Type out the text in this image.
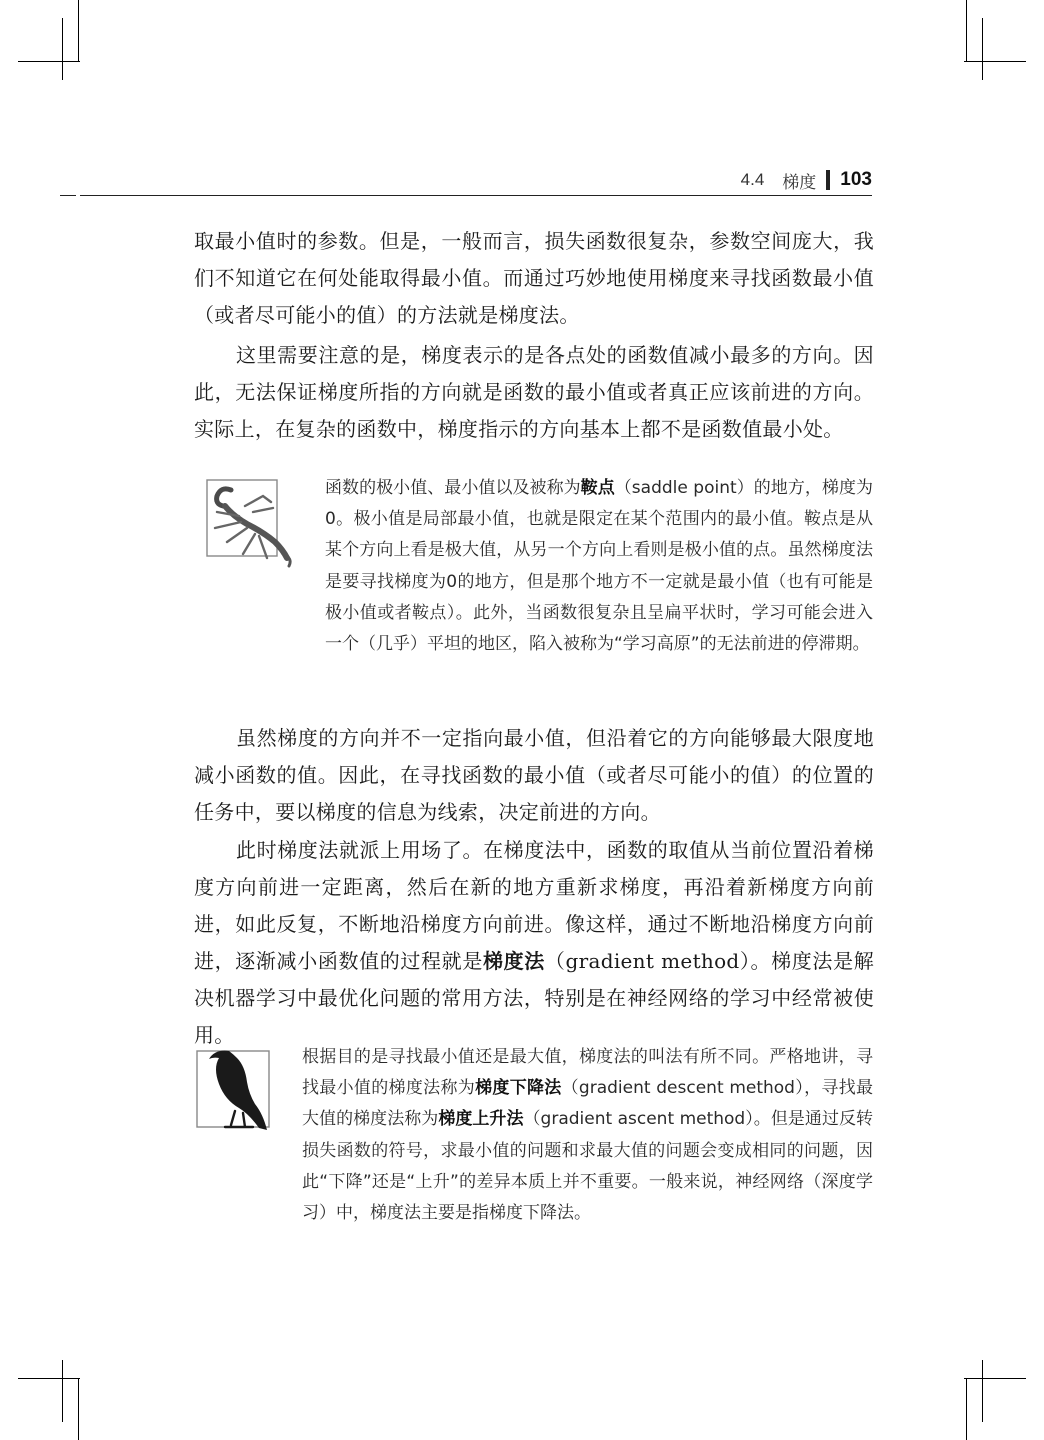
4.4 梯度 103

取最小值时的参数。但是，一般而言，损失函数很复杂，参数空间庞大，我们不知道它在何处能取得最小值。而通过巧妙地使用梯度来寻找函数最小值（或者尽可能小的值）的方法就是梯度法。

这里需要注意的是，梯度表示的是各点处的函数值减小最多的方向。因此，无法保证梯度所指的方向就是函数的最小值或者真正应该前进的方向。实际上，在复杂的函数中，梯度指示的方向基本上都不是函数值最小处。

函数的极小值、最小值以及被称为鞍点（saddle point）的地方，梯度为0。极小值是局部最小值，也就是限定在某个范围内的最小值。鞍点是从某个方向上看是极大值，从另一个方向上看则是极小值的点。虽然梯度法是要寻找梯度为0的地方，但是那个地方不一定就是最小值（也有可能是极小值或者鞍点）。此外，当函数很复杂且呈扁平状时，学习可能会进入一个（几乎）平坦的地区，陷入被称为“学习高原”的无法前进的停滞期。

虽然梯度的方向并不一定指向最小值，但沿着它的方向能够最大限度地减小函数的值。因此，在寻找函数的最小值（或者尽可能小的值）的位置的任务中，要以梯度的信息为线索，决定前进的方向。

此时梯度法就派上用场了。在梯度法中，函数的取值从当前位置沿着梯度方向前进一定距离，然后在新的地方重新求梯度，再沿着新梯度方向前进，如此反复，不断地沿梯度方向前进。像这样，通过不断地沿梯度方向前进，逐渐减小函数值的过程就是梯度法（gradient method）。梯度法是解决机器学习中最优化问题的常用方法，特别是在神经网络的学习中经常被使用。

根据目的是寻找最小值还是最大值，梯度法的叫法有所不同。严格地讲，寻找最小值的梯度法称为梯度下降法（gradient descent method），寻找最大值的梯度法称为梯度上升法（gradient ascent method）。但是通过反转损失函数的符号，求最小值的问题和求最大值的问题会变成相同的问题，因此“下降”还是“上升”的差异本质上并不重要。一般来说，神经网络（深度学习）中，梯度法主要是指梯度下降法。
